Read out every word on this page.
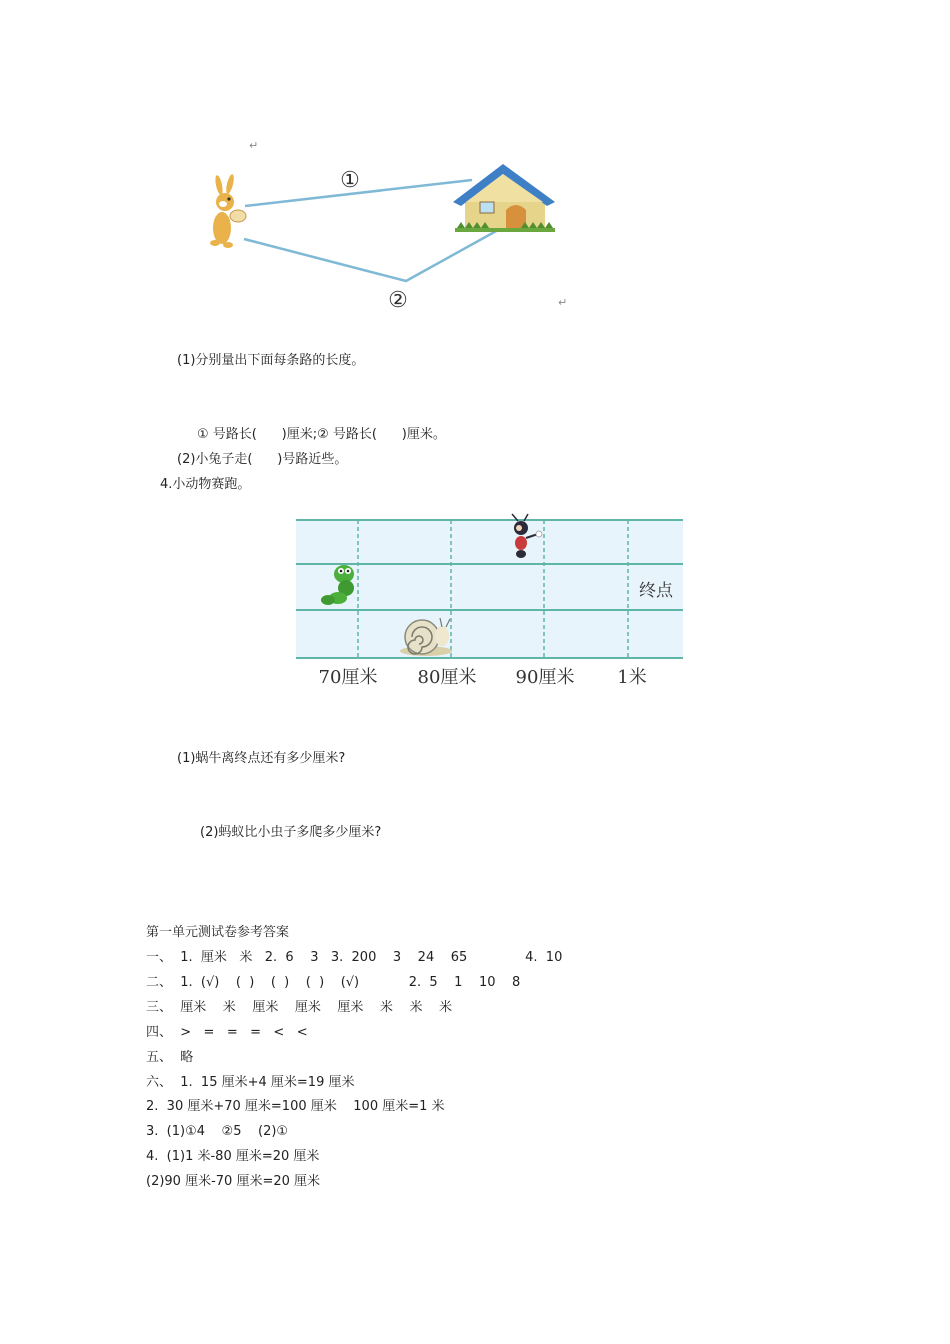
↵
↵
①
②
(1)分别量出下面每条路的长度。
① 号路长(      )厘米;② 号路长(      )厘米。
(2)小兔子走(      )号路近些。
4.小动物赛跑。
终点
70厘米 80厘米 90厘米 1米
(1)蜗牛离终点还有多少厘米?
(2)蚂蚁比小虫子多爬多少厘米?
第一单元测试卷参考答案
一、  1.  厘米   米   2.  6    3   3.  200    3    24    65              4.  10
二、  1.  (√)    (  )    (  )    (  )    (√)            2.  5    1    10    8
三、  厘米    米    厘米    厘米    厘米    米    米    米
四、  >   =   =   =   <   <
五、  略
六、  1.  15 厘米+4 厘米=19 厘米
2.  30 厘米+70 厘米=100 厘米    100 厘米=1 米
3.  (1)①4    ②5    (2)①
4.  (1)1 米-80 厘米=20 厘米
(2)90 厘米-70 厘米=20 厘米
